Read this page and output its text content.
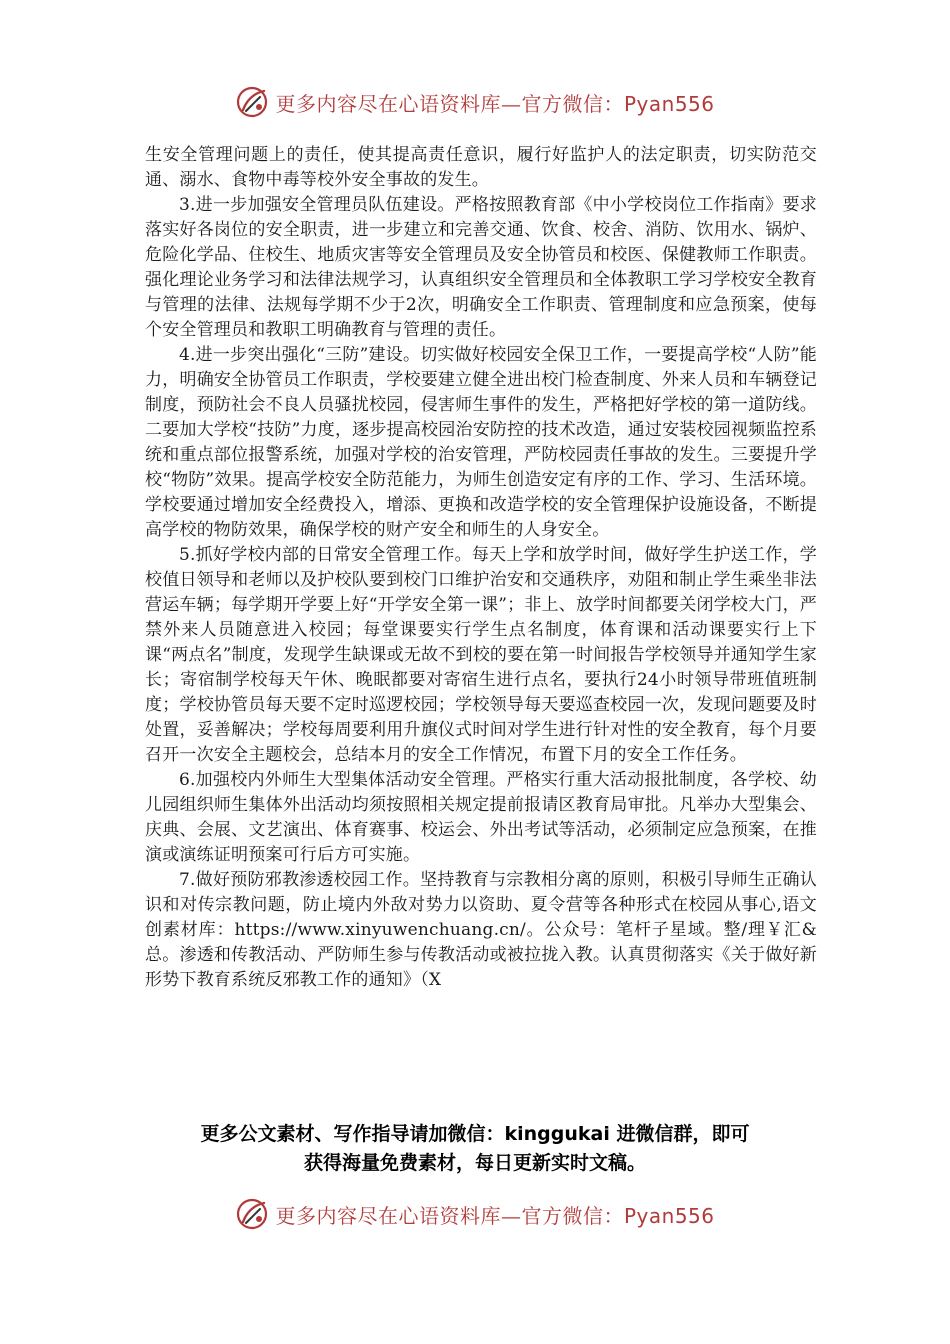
更多内容尽在心语资料库—官方微信：Pyan556

生安全管理问题上的责任，使其提高责任意识，履行好监护人的法定职责，切实防范交通、溺水、食物中毒等校外安全事故的发生。

3.进一步加强安全管理员队伍建设。严格按照教育部《中小学校岗位工作指南》要求落实好各岗位的安全职责，进一步建立和完善交通、饮食、校舍、消防、饮用水、锅炉、危险化学品、住校生、地质灾害等安全管理员及安全协管员和校医、保健教师工作职责。强化理论业务学习和法律法规学习，认真组织安全管理员和全体教职工学习学校安全教育与管理的法律、法规每学期不少于2次，明确安全工作职责、管理制度和应急预案，使每个安全管理员和教职工明确教育与管理的责任。

4.进一步突出强化“三防”建设。切实做好校园安全保卫工作，一要提高学校“人防”能力，明确安全协管员工作职责，学校要建立健全进出校门检查制度、外来人员和车辆登记制度，预防社会不良人员骚扰校园，侵害师生事件的发生，严格把好学校的第一道防线。二要加大学校“技防”力度，逐步提高校园治安防控的技术改造，通过安装校园视频监控系统和重点部位报警系统，加强对学校的治安管理，严防校园责任事故的发生。三要提升学校“物防”效果。提高学校安全防范能力，为师生创造安定有序的工作、学习、生活环境。学校要通过增加安全经费投入，增添、更换和改造学校的安全管理保护设施设备，不断提高学校的物防效果，确保学校的财产安全和师生的人身安全。

5.抓好学校内部的日常安全管理工作。每天上学和放学时间，做好学生护送工作，学校值日领导和老师以及护校队要到校门口维护治安和交通秩序，劝阻和制止学生乘坐非法营运车辆；每学期开学要上好“开学安全第一课”；非上、放学时间都要关闭学校大门，严禁外来人员随意进入校园；每堂课要实行学生点名制度，体育课和活动课要实行上下课“两点名”制度，发现学生缺课或无故不到校的要在第一时间报告学校领导并通知学生家长；寄宿制学校每天午休、晚眠都要对寄宿生进行点名，要执行24小时领导带班值班制度；学校协管员每天要不定时巡逻校园；学校领导每天要巡查校园一次，发现问题要及时处置，妥善解决；学校每周要利用升旗仪式时间对学生进行针对性的安全教育，每个月要召开一次安全主题校会，总结本月的安全工作情况，布置下月的安全工作任务。

6.加强校内外师生大型集体活动安全管理。严格实行重大活动报批制度，各学校、幼儿园组织师生集体外出活动均须按照相关规定提前报请区教育局审批。凡举办大型集会、庆典、会展、文艺演出、体育赛事、校运会、外出考试等活动，必须制定应急预案，在推演或演练证明预案可行后方可实施。

7.做好预防邪教渗透校园工作。坚持教育与宗教相分离的原则，积极引导师生正确认识和对传宗教问题，防止境内外敌对势力以资助、夏令营等各种形式在校园从事心,语文创素材库：https://www.xinyuwenchuang.cn/。公众号：笔杆子星域。整/理￥汇&总。渗透和传教活动、严防师生参与传教活动或被拉拢入教。认真贯彻落实《关于做好新形势下教育系统反邪教工作的通知》（X

更多公文素材、写作指导请加微信：kinggukai 进微信群，即可
获得海量免费素材，每日更新实时文稿。
更多内容尽在心语资料库—官方微信：Pyan556
